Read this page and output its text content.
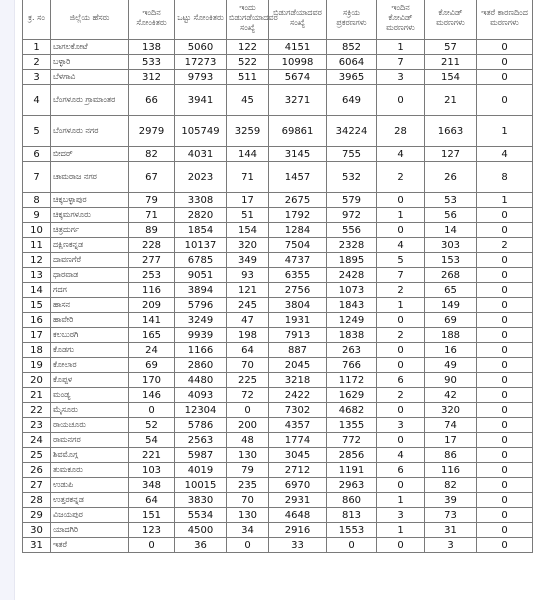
ಕ್ರ. ಸಂ	ಜಿಲ್ಲೆಯ ಹೆಸರು	ಇಂದಿನ ಸೋಂಕಿತರು	ಒಟ್ಟು ಸೋಂಕಿತರು	ಇಂದು ಬಿಡುಗಡೆಯಾದವರ ಸಂಖ್ಯೆ	ಬಿಡುಗಡೆಯಾದವರ ಸಂಖ್ಯೆ	ಸಕ್ರಿಯ ಪ್ರಕರಣಗಳು	ಇಂದಿನ ಕೋವಿಡ್ ಮರಣಗಳು	ಕೋವಿಡ್ ಮರಣಗಳು	ಇತರೆ ಕಾರಣದಿಂದ ಮರಣಗಳು
1	ಬಾಗಲಕೋಟೆ	138	5060	122	4151	852	1	57	0
2	ಬಳ್ಳಾರಿ	533	17273	522	10998	6064	7	211	0
3	ಬೆಳಗಾವಿ	312	9793	511	5674	3965	3	154	0
4	ಬೆಂಗಳೂರು ಗ್ರಾಮಾಂತರ	66	3941	45	3271	649	0	21	0
5	ಬೆಂಗಳೂರು ನಗರ	2979	105749	3259	69861	34224	28	1663	1
6	ಬೀದರ್	82	4031	144	3145	755	4	127	4
7	ಚಾಮರಾಜ ನಗರ	67	2023	71	1457	532	2	26	8
8	ಚಿಕ್ಕಬಳ್ಳಾಪುರ	79	3308	17	2675	579	0	53	1
9	ಚಿಕ್ಕಮಗಳೂರು	71	2820	51	1792	972	1	56	0
10	ಚಿತ್ರದುರ್ಗ	89	1854	154	1284	556	0	14	0
11	ದಕ್ಷಿಣಕನ್ನಡ	228	10137	320	7504	2328	4	303	2
12	ದಾವಣಗೆರೆ	277	6785	349	4737	1895	5	153	0
13	ಧಾರವಾಡ	253	9051	93	6355	2428	7	268	0
14	ಗದಗ	116	3894	121	2756	1073	2	65	0
15	ಹಾಸನ	209	5796	245	3804	1843	1	149	0
16	ಹಾವೇರಿ	141	3249	47	1931	1249	0	69	0
17	ಕಲಬುರಗಿ	165	9939	198	7913	1838	2	188	0
18	ಕೊಡಗು	24	1166	64	887	263	0	16	0
19	ಕೋಲಾರ	69	2860	70	2045	766	0	49	0
20	ಕೊಪ್ಪಳ	170	4480	225	3218	1172	6	90	0
21	ಮಂಡ್ಯ	146	4093	72	2422	1629	2	42	0
22	ಮೈಸೂರು	0	12304	0	7302	4682	0	320	0
23	ರಾಯಚೂರು	52	5786	200	4357	1355	3	74	0
24	ರಾಮನಗರ	54	2563	48	1774	772	0	17	0
25	ಶಿವಮೊಗ್ಗ	221	5987	130	3045	2856	4	86	0
26	ತುಮಕೂರು	103	4019	79	2712	1191	6	116	0
27	ಉಡುಪಿ	348	10015	235	6970	2963	0	82	0
28	ಉತ್ತರಕನ್ನಡ	64	3830	70	2931	860	1	39	0
29	ವಿಜಯಪುರ	151	5534	130	4648	813	3	73	0
30	ಯಾದಗಿರಿ	123	4500	34	2916	1553	1	31	0
31	ಇತರೆ	0	36	0	33	0	0	3	0
